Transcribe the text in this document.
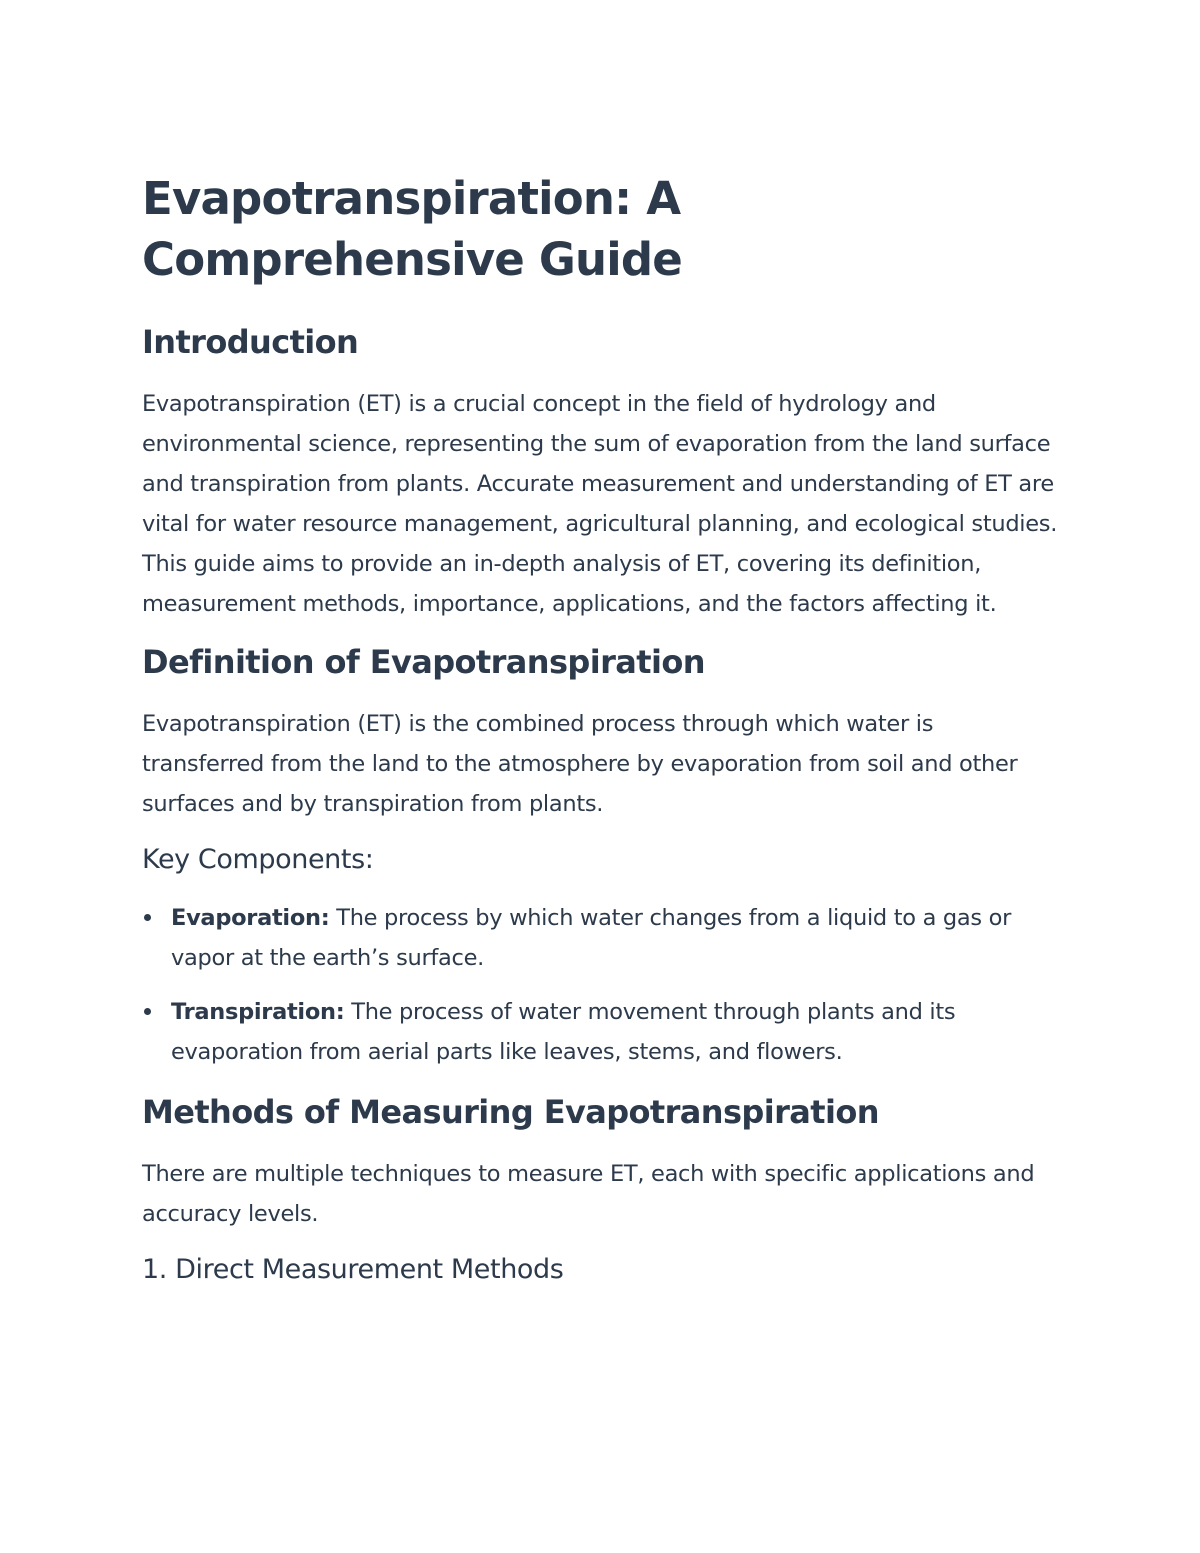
Evapotranspiration: A Comprehensive Guide
Introduction

Evapotranspiration (ET) is a crucial concept in the field of hydrology and environmental science, representing the sum of evaporation from the land surface and transpiration from plants. Accurate measurement and understanding of ET are vital for water resource management, agricultural planning, and ecological studies. This guide aims to provide an in-depth analysis of ET, covering its definition, measurement methods, importance, applications, and the factors affecting it.

Definition of Evapotranspiration

Evapotranspiration (ET) is the combined process through which water is transferred from the land to the atmosphere by evaporation from soil and other surfaces and by transpiration from plants.

Key Components:
Evaporation: The process by which water changes from a liquid to a gas or vapor at the earth’s surface.
Transpiration: The process of water movement through plants and its evaporation from aerial parts like leaves, stems, and flowers.
Methods of Measuring Evapotranspiration

There are multiple techniques to measure ET, each with specific applications and accuracy levels.

1. Direct Measurement Methods
